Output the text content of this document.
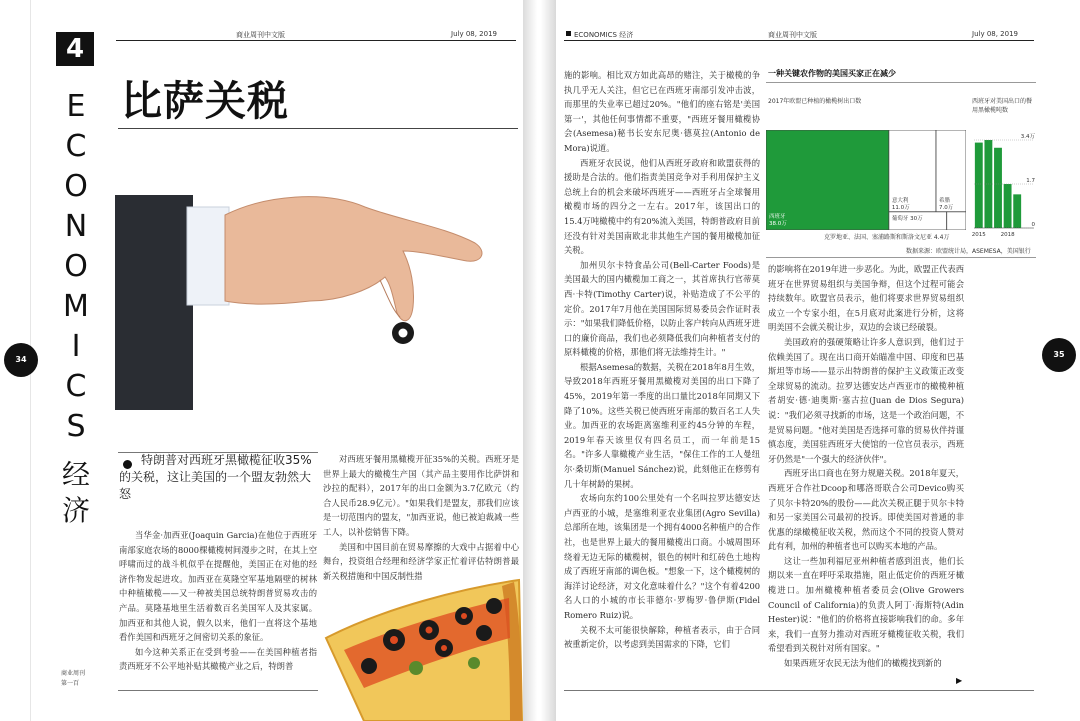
商业周刊中文版	July 08, 2019
4
E
C
O
N
O
M
I
C
S
经
济
比萨关税
特朗普对西班牙黑橄榄征收35%的关税，这让美国的一个盟友勃然大怒

当华金·加西亚(Joaquin Garcia)在他位于西班牙南部家庭农场的8000棵橄榄树间漫步之时，在其上空呼啸而过的战斗机似乎在提醒他，美国正在对他的经济作物发起进攻。加西亚在莫隆空军基地隔壁的树林中种植橄榄——又一种被美国总统特朗普贸易攻击的产品。莫隆基地里生活着数百名美国军人及其家属。加西亚和其他人说，假久以来，他们一直将这个基地看作美国和西班牙之间密切关系的象征。

如今这种关系正在受到考验——在美国种植者指责西班牙不公平地补贴其橄榄产业之后，特朗普

对西班牙餐用黑橄榄开征35%的关税。西班牙是世界上最大的橄榄生产国（其产品主要用作比萨饼和沙拉的配料），2017年的出口金额为3.7亿欧元（约合人民币28.9亿元）。"如果我们是盟友，那我们应该是一切范围内的盟友，"加西亚说，他已被迫裁减一些工人，以补偿销售下降。

美国和中国目前在贸易摩擦的大戏中占据着中心舞台，投资组合经理和经济学家正忙着评估特朗普最新关税措施和中国反制性措

商业周刊
第一百
34
ECONOMICS 经济	商业周刊中文版	July 08, 2019

施的影响。相比双方如此高昂的赌注，关于橄榄的争执几乎无人关注，但它已在西班牙南部引发冲击波，而那里的失业率已超过20%。"他们的座右铭是'美国第一'，其他任何事情都不重要，"西班牙餐用橄榄协会(Asemesa)秘书长安东尼奥·德莫拉(Antonio de Mora)说道。

西班牙农民说，他们从西班牙政府和欧盟获得的援助是合法的。他们指责美国竞争对手利用保护主义总统上台的机会来破坏西班牙——西班牙占全球餐用橄榄市场的四分之一左右。2017年，该国出口的15.4万吨橄榄中约有20%流入美国，特朗普政府目前还没有针对美国南欧北非其他生产国的餐用橄榄加征关税。

加州贝尔卡特食品公司(Bell-Carter Foods)是美国最大的国内橄榄加工商之一，其首席执行官蒂莫西·卡特(Timothy Carter)说，补贴造成了不公平的定价。2017年7月他在美国国际贸易委员会作证时表示："如果我们降低价格，以防止客户转向从西班牙进口的廉价商品，我们也必须降低我们向种植者支付的原料橄榄的价格，那他们将无法维持生计。"

根据Asemesa的数据，关税在2018年8月生效，导致2018年西班牙餐用黑橄榄对美国的出口下降了45%，2019年第一季度的出口量比2018年同期又下降了10%。这些关税已使西班牙南部的数百名工人失业。加西亚的农场距离塞维利亚约45分钟的车程，2019年春天该里仅有四名员工，而一年前是15名。"许多人靠橄榄产业生活，"保住工作的工人曼纽尔·桑切斯(Manuel Sánchez)说，此刻他正在修剪有几十年树龄的果树。

农场向东约100公里处有一个名叫拉罗达德安达卢西亚的小城，是塞维利亚农业集团(Agro Sevilla)总部所在地，该集团是一个拥有4000名种植户的合作社，也是世界上最大的餐用橄榄出口商。小城周围环绕着无边无际的橄榄树，银色的树叶和红砖色土地构成了西班牙南部的调色板。"想象一下，这个橄榄树的海洋讨论经济，对文化意味着什么？"这个有着4200名人口的小城的市长菲德尔·罗梅罗·鲁伊斯(Fidel Romero Ruiz)说。

关税不太可能很快解除，种植者表示，由于合同被重新定价，以考虑到美国需求的下降，它们

一种关键农作物的美国买家正在减少
2017年欧盟已种植的橄榄树出口数	西班牙对美国出口的餐用黑橄榄吨数
西班牙
38.0万
意大利
11.0万
希腊
7.0万
葡萄牙 30万
克罗地亚、法国、塞浦路斯和斯洛文尼亚 4.4万
3.4万
1.7
0
2015	2018
数据来源：欧盟统计局，ASEMESA，美国银行

的影响将在2019年进一步恶化。为此，欧盟正代表西班牙在世界贸易组织与美国争辩，但这个过程可能会持续数年。欧盟官员表示，他们将要求世界贸易组织成立一个专家小组，在5月底对此案进行分析，这将明美国不会就关税让步，双边的会谈已经破裂。

美国政府的强硬策略让许多人意识到，他们过于依赖美国了。现在出口商开始瞄准中国、印度和巴基斯坦等市场——显示出特朗普的保护主义政策正改变全球贸易的流动。拉罗达德安达卢西亚市的橄榄种植者胡安·德·迪奥斯·塞古拉(Juan de Dios Segura)说："我们必须寻找新的市场，这是一个政治问题，不是贸易问题。"他对美国是否选择可靠的贸易伙伴持谨慎态度，美国驻西班牙大使馆的一位官员表示，西班牙仍然是"一个强大的经济伙伴"。

西班牙出口商也在努力规避关税。2018年夏天，西班牙合作社Dcoop和哪洛哥联合公司Devico购买了贝尔卡特20%的股份——此次关税正腿于贝尔卡特和另一家美国公司最初的投诉。即使美国对普通的非优惠的绿橄榄征收关税，然而这个不同的投资人赞对此有利，加州的种植者也可以购买本地的产品。

这让一些加利福尼亚州种植者感到沮丧，他们长期以来一直在呼吁采取措施，阻止低定价的西班牙橄榄进口。加州橄榄种植者委员会(Olive Growers Council of California)的负责人阿丁·海斯特(Adin Hester)说："他们的价格将直接影响我们的命。多年来，我们一直努力推动对西班牙橄榄征收关税，我们希望看到关税针对所有国家。"

如果西班牙农民无法为他们的橄榄找到新的

▶
35
